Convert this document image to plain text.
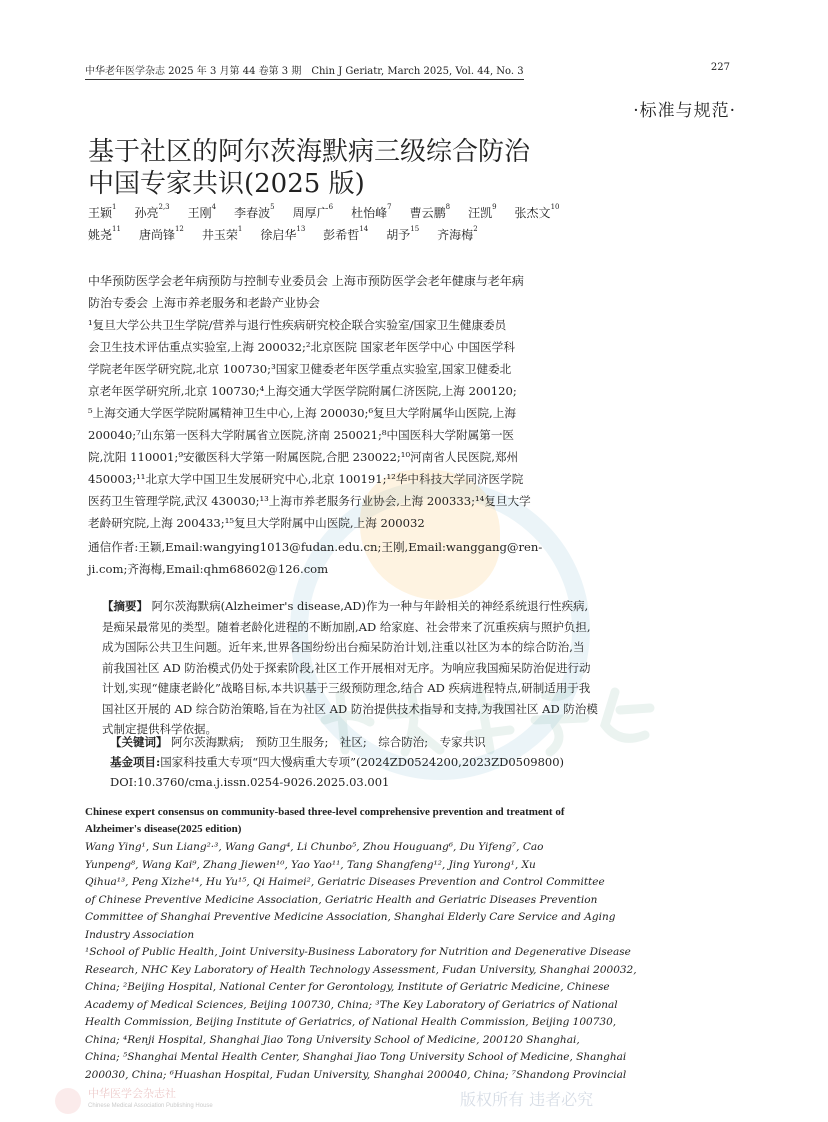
中华医学会杂志社
Chinese Medical Association Publishing House	版权所有 违者必究
中华老年医学杂志 2025 年 3 月第 44 卷第 3 期　Chin J Geriatr, March 2025, Vol. 44, No. 3	227
·标准与规范·
基于社区的阿尔茨海默病三级综合防治
中国专家共识(2025 版)
王颖$^1$ 孙亮$^{2,3}$ 王刚$^4$ 李春波$^5$ 周厚广$^6$ 杜怡峰$^7$ 曹云鹏$^8$ 汪凯$^9$ 张杰文$^{10}$
姚尧$^{11}$ 唐尚锋$^{12}$ 井玉荣$^1$ 徐启华$^{13}$ 彭希哲$^{14}$ 胡予$^{15}$ 齐海梅$^2$
中华预防医学会老年病预防与控制专业委员会 上海市预防医学会老年健康与老年病
防治专委会 上海市养老服务和老龄产业协会
¹复旦大学公共卫生学院/营养与退行性疾病研究校企联合实验室/国家卫生健康委员
会卫生技术评估重点实验室,上海 200032;²北京医院 国家老年医学中心 中国医学科
学院老年医学研究院,北京 100730;³国家卫健委老年医学重点实验室,国家卫健委北
京老年医学研究所,北京 100730;⁴上海交通大学医学院附属仁济医院,上海 200120;
⁵上海交通大学医学院附属精神卫生中心,上海 200030;⁶复旦大学附属华山医院,上海
200040;⁷山东第一医科大学附属省立医院,济南 250021;⁸中国医科大学附属第一医
院,沈阳 110001;⁹安徽医科大学第一附属医院,合肥 230022;¹⁰河南省人民医院,郑州
450003;¹¹北京大学中国卫生发展研究中心,北京 100191;¹²华中科技大学同济医学院
医药卫生管理学院,武汉 430030;¹³上海市养老服务行业协会,上海 200333;¹⁴复旦大学
老龄研究院,上海 200433;¹⁵复旦大学附属中山医院,上海 200032
通信作者:王颖,Email:wangying1013@fudan.edu.cn;王刚,Email:wanggang@ren-
ji.com;齐海梅,Email:qhm68602@126.com
【摘要】 阿尔茨海默病(Alzheimer's disease,AD)作为一种与年龄相关的神经系统退行性疾病,
是痴呆最常见的类型。随着老龄化进程的不断加剧,AD 给家庭、社会带来了沉重疾病与照护负担,
成为国际公共卫生问题。近年来,世界各国纷纷出台痴呆防治计划,注重以社区为本的综合防治,当
前我国社区 AD 防治模式仍处于探索阶段,社区工作开展相对无序。为响应我国痴呆防治促进行动
计划,实现“健康老龄化”战略目标,本共识基于三级预防理念,结合 AD 疾病进程特点,研制适用于我
国社区开展的 AD 综合防治策略,旨在为社区 AD 防治提供技术指导和支持,为我国社区 AD 防治模
式制定提供科学依据。
【关键词】 阿尔茨海默病;　预防卫生服务;　社区;　综合防治;　专家共识
基金项目:国家科技重大专项“四大慢病重大专项”(2024ZD0524200,2023ZD0509800)
DOI:10.3760/cma.j.issn.0254-9026.2025.03.001
Chinese expert consensus on community-based three-level comprehensive prevention and treatment of
Alzheimer's disease(2025 edition)
Wang Ying¹, Sun Liang²·³, Wang Gang⁴, Li Chunbo⁵, Zhou Houguang⁶, Du Yifeng⁷, Cao
Yunpeng⁸, Wang Kai⁹, Zhang Jiewen¹⁰, Yao Yao¹¹, Tang Shangfeng¹², Jing Yurong¹, Xu
Qihua¹³, Peng Xizhe¹⁴, Hu Yu¹⁵, Qi Haimei², Geriatric Diseases Prevention and Control Committee
of Chinese Preventive Medicine Association, Geriatric Health and Geriatric Diseases Prevention
Committee of Shanghai Preventive Medicine Association, Shanghai Elderly Care Service and Aging
Industry Association
¹School of Public Health, Joint University-Business Laboratory for Nutrition and Degenerative Disease
Research, NHC Key Laboratory of Health Technology Assessment, Fudan University, Shanghai 200032,
China; ²Beijing Hospital, National Center for Gerontology, Institute of Geriatric Medicine, Chinese
Academy of Medical Sciences, Beijing 100730, China; ³The Key Laboratory of Geriatrics of National
Health Commission, Beijing Institute of Geriatrics, of National Health Commission, Beijing 100730,
China; ⁴Renji Hospital, Shanghai Jiao Tong University School of Medicine, 200120 Shanghai,
China; ⁵Shanghai Mental Health Center, Shanghai Jiao Tong University School of Medicine, Shanghai
200030, China; ⁶Huashan Hospital, Fudan University, Shanghai 200040, China; ⁷Shandong Provincial
